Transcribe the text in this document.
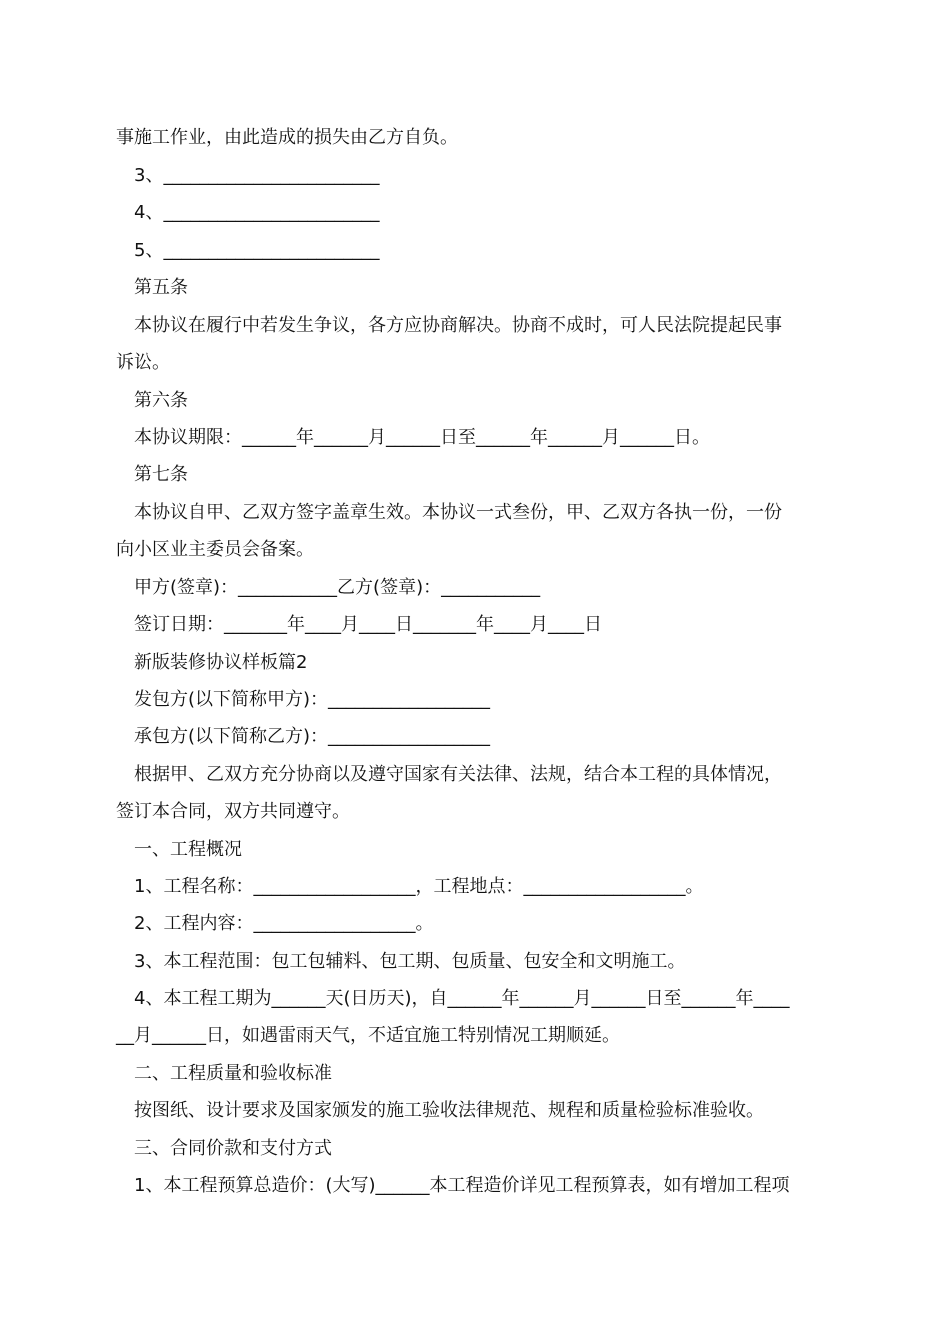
事施工作业，由此造成的损失由乙方自负。
3、________________________
4、________________________
5、________________________
第五条
本协议在履行中若发生争议，各方应协商解决。协商不成时，可人民法院提起民事
诉讼。
第六条
本协议期限：______年______月______日至______年______月______日。
第七条
本协议自甲、乙双方签字盖章生效。本协议一式叁份，甲、乙双方各执一份，一份
向小区业主委员会备案。
甲方(签章)：___________乙方(签章)：___________
签订日期：_______年____月____日_______年____月____日
新版装修协议样板篇2
发包方(以下简称甲方)：__________________
承包方(以下简称乙方)：__________________
根据甲、乙双方充分协商以及遵守国家有关法律、法规，结合本工程的具体情况，
签订本合同，双方共同遵守。
一、工程概况
1、工程名称：__________________，工程地点：__________________。
2、工程内容：__________________。
3、本工程范围：包工包辅料、包工期、包质量、包安全和文明施工。
4、本工程工期为______天(日历天)，自______年______月______日至______年____
__月______日，如遇雷雨天气，不适宜施工特别情况工期顺延。
二、工程质量和验收标准
按图纸、设计要求及国家颁发的施工验收法律规范、规程和质量检验标准验收。
三、合同价款和支付方式
1、本工程预算总造价：(大写)______本工程造价详见工程预算表，如有增加工程项
